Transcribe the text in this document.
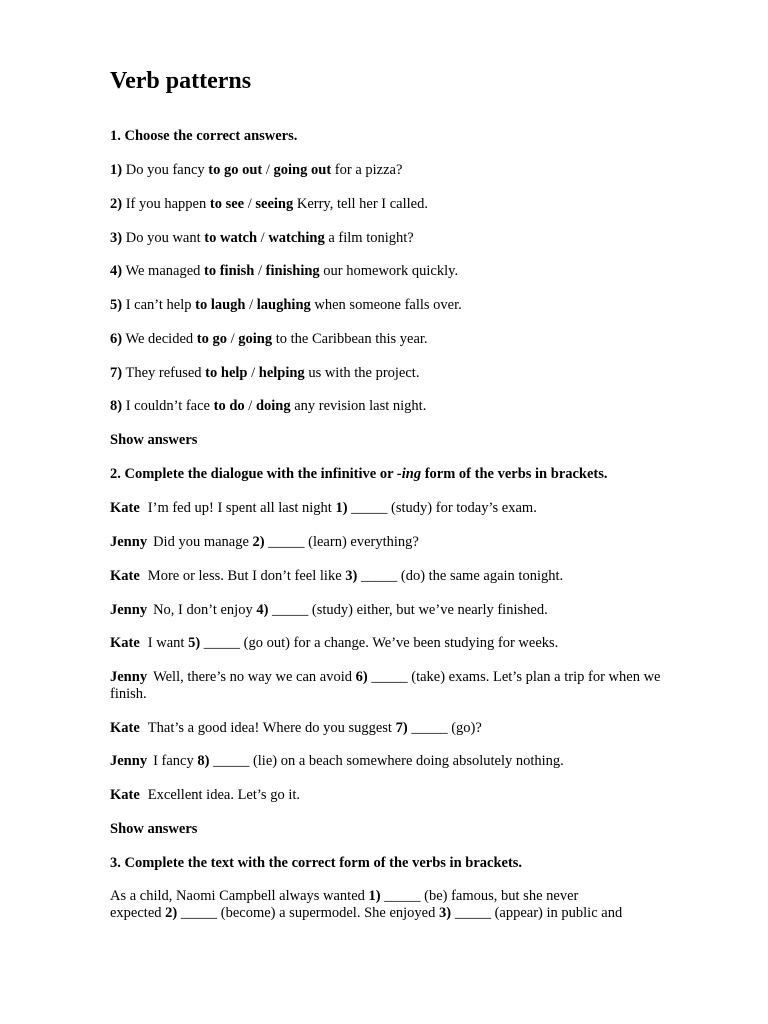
Verb patterns
1. Choose the correct answers.
1) Do you fancy to go out / going out for a pizza?
2) If you happen to see / seeing Kerry, tell her I called.
3) Do you want to watch / watching a film tonight?
4) We managed to finish / finishing our homework quickly.
5) I can’t help to laugh / laughing when someone falls over.
6) We decided to go / going to the Caribbean this year.
7) They refused to help / helping us with the project.
8) I couldn’t face to do / doing any revision last night.
Show answers
2. Complete the dialogue with the infinitive or -ing form of the verbs in brackets.
Kate I’m fed up! I spent all last night 1) _____ (study) for today’s exam.
Jenny Did you manage 2) _____ (learn) everything?
Kate More or less. But I don’t feel like 3) _____ (do) the same again tonight.
Jenny No, I don’t enjoy 4) _____ (study) either, but we’ve nearly finished.
Kate I want 5) _____ (go out) for a change. We’ve been studying for weeks.
Jenny Well, there’s no way we can avoid 6) _____ (take) exams. Let’s plan a trip for when we finish.
Kate That’s a good idea! Where do you suggest 7) _____ (go)?
Jenny I fancy 8) _____ (lie) on a beach somewhere doing absolutely nothing.
Kate Excellent idea. Let’s go it.
Show answers
3. Complete the text with the correct form of the verbs in brackets.
As a child, Naomi Campbell always wanted 1) _____ (be) famous, but she never
expected 2) _____ (become) a supermodel. She enjoyed 3) _____ (appear) in public and
